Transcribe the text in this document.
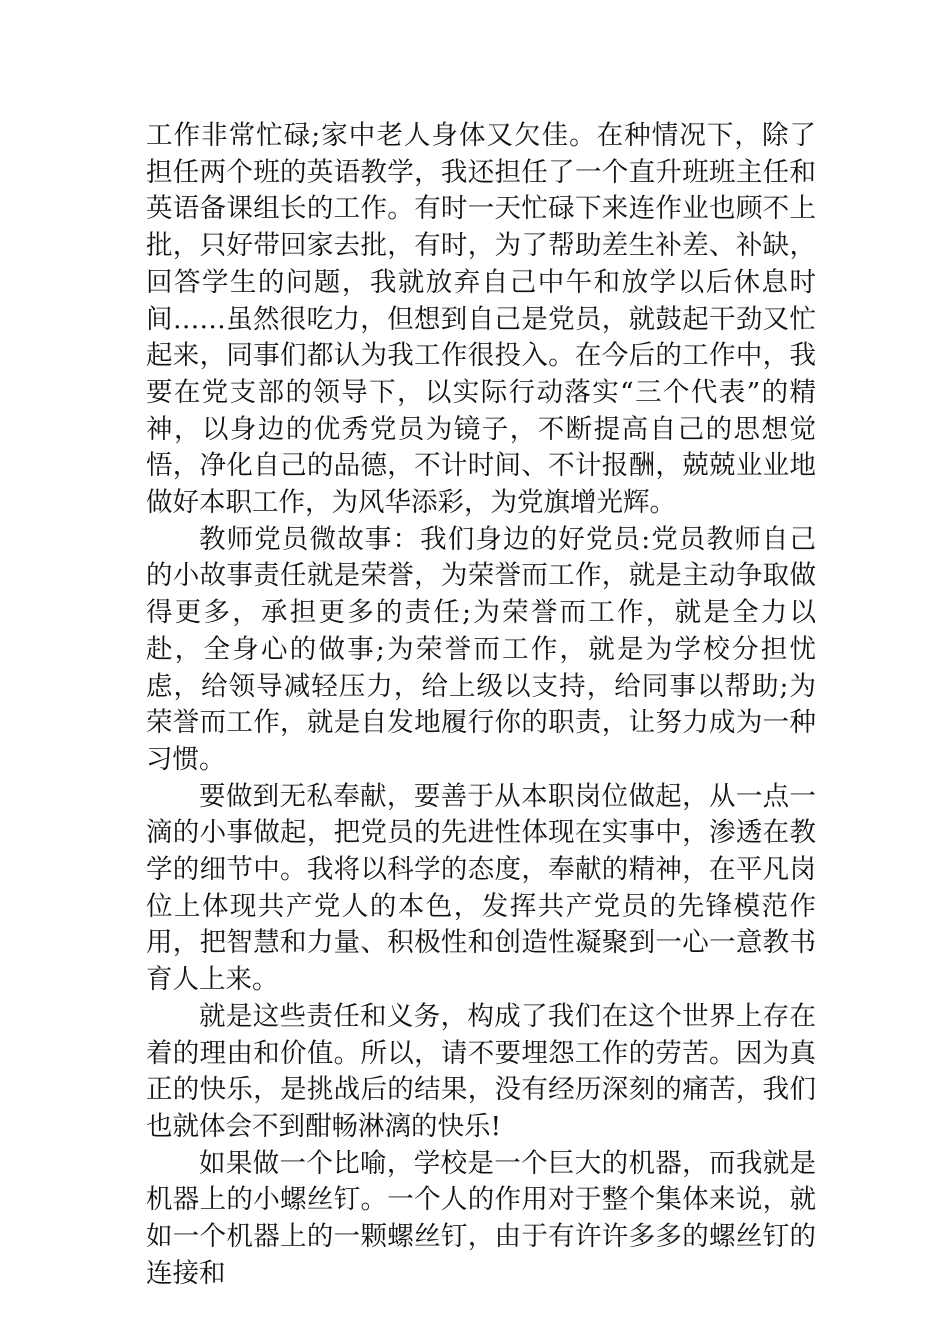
工作非常忙碌;家中老人身体又欠佳。在种情况下，除了担任两个班的英语教学，我还担任了一个直升班班主任和英语备课组长的工作。有时一天忙碌下来连作业也顾不上批，只好带回家去批，有时，为了帮助差生补差、补缺，回答学生的问题，我就放弃自己中午和放学以后休息时间……虽然很吃力，但想到自己是党员，就鼓起干劲又忙起来，同事们都认为我工作很投入。在今后的工作中，我要在党支部的领导下，以实际行动落实“三个代表”的精神，以身边的优秀党员为镜子，不断提高自己的思想觉悟，净化自己的品德，不计时间、不计报酬，兢兢业业地做好本职工作，为风华添彩，为党旗增光辉。

教师党员微故事：我们身边的好党员:党员教师自己的小故事责任就是荣誉，为荣誉而工作，就是主动争取做得更多，承担更多的责任;为荣誉而工作，就是全力以赴，全身心的做事;为荣誉而工作，就是为学校分担忧虑，给领导减轻压力，给上级以支持，给同事以帮助;为荣誉而工作，就是自发地履行你的职责，让努力成为一种习惯。

要做到无私奉献，要善于从本职岗位做起，从一点一滴的小事做起，把党员的先进性体现在实事中，渗透在教学的细节中。我将以科学的态度，奉献的精神，在平凡岗位上体现共产党人的本色，发挥共产党员的先锋模范作用，把智慧和力量、积极性和创造性凝聚到一心一意教书育人上来。

就是这些责任和义务，构成了我们在这个世界上存在着的理由和价值。所以，请不要埋怨工作的劳苦。因为真正的快乐，是挑战后的结果，没有经历深刻的痛苦，我们也就体会不到酣畅淋漓的快乐!

如果做一个比喻，学校是一个巨大的机器，而我就是机器上的小螺丝钉。一个人的作用对于整个集体来说，就如一个机器上的一颗螺丝钉，由于有许许多多的螺丝钉的连接和
